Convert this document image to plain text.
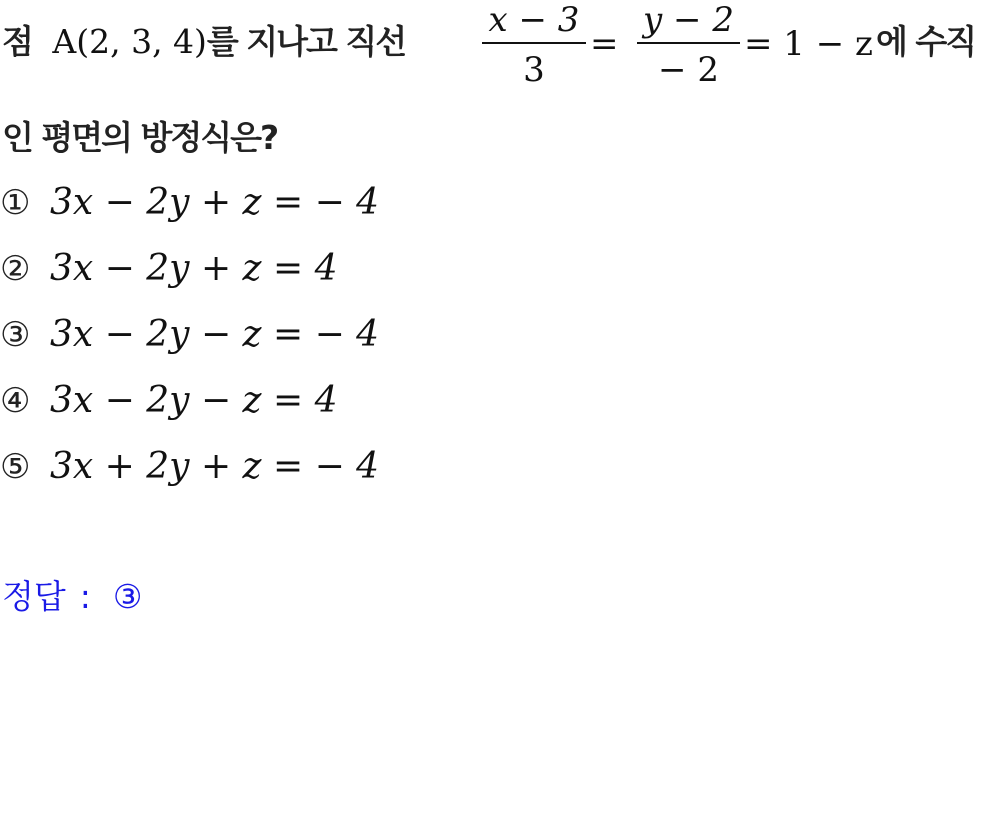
점 A(2, 3, 4)를 지나고 직선
x − 3
3
=
y − 2
− 2
= 1 − z 에 수직
인 평면의 방정식은?
① 3x − 2y + z = − 4
② 3x − 2y + z = 4
③ 3x − 2y − z = − 4
④ 3x − 2y − z = 4
⑤ 3x + 2y + z = − 4
정답 : ③
